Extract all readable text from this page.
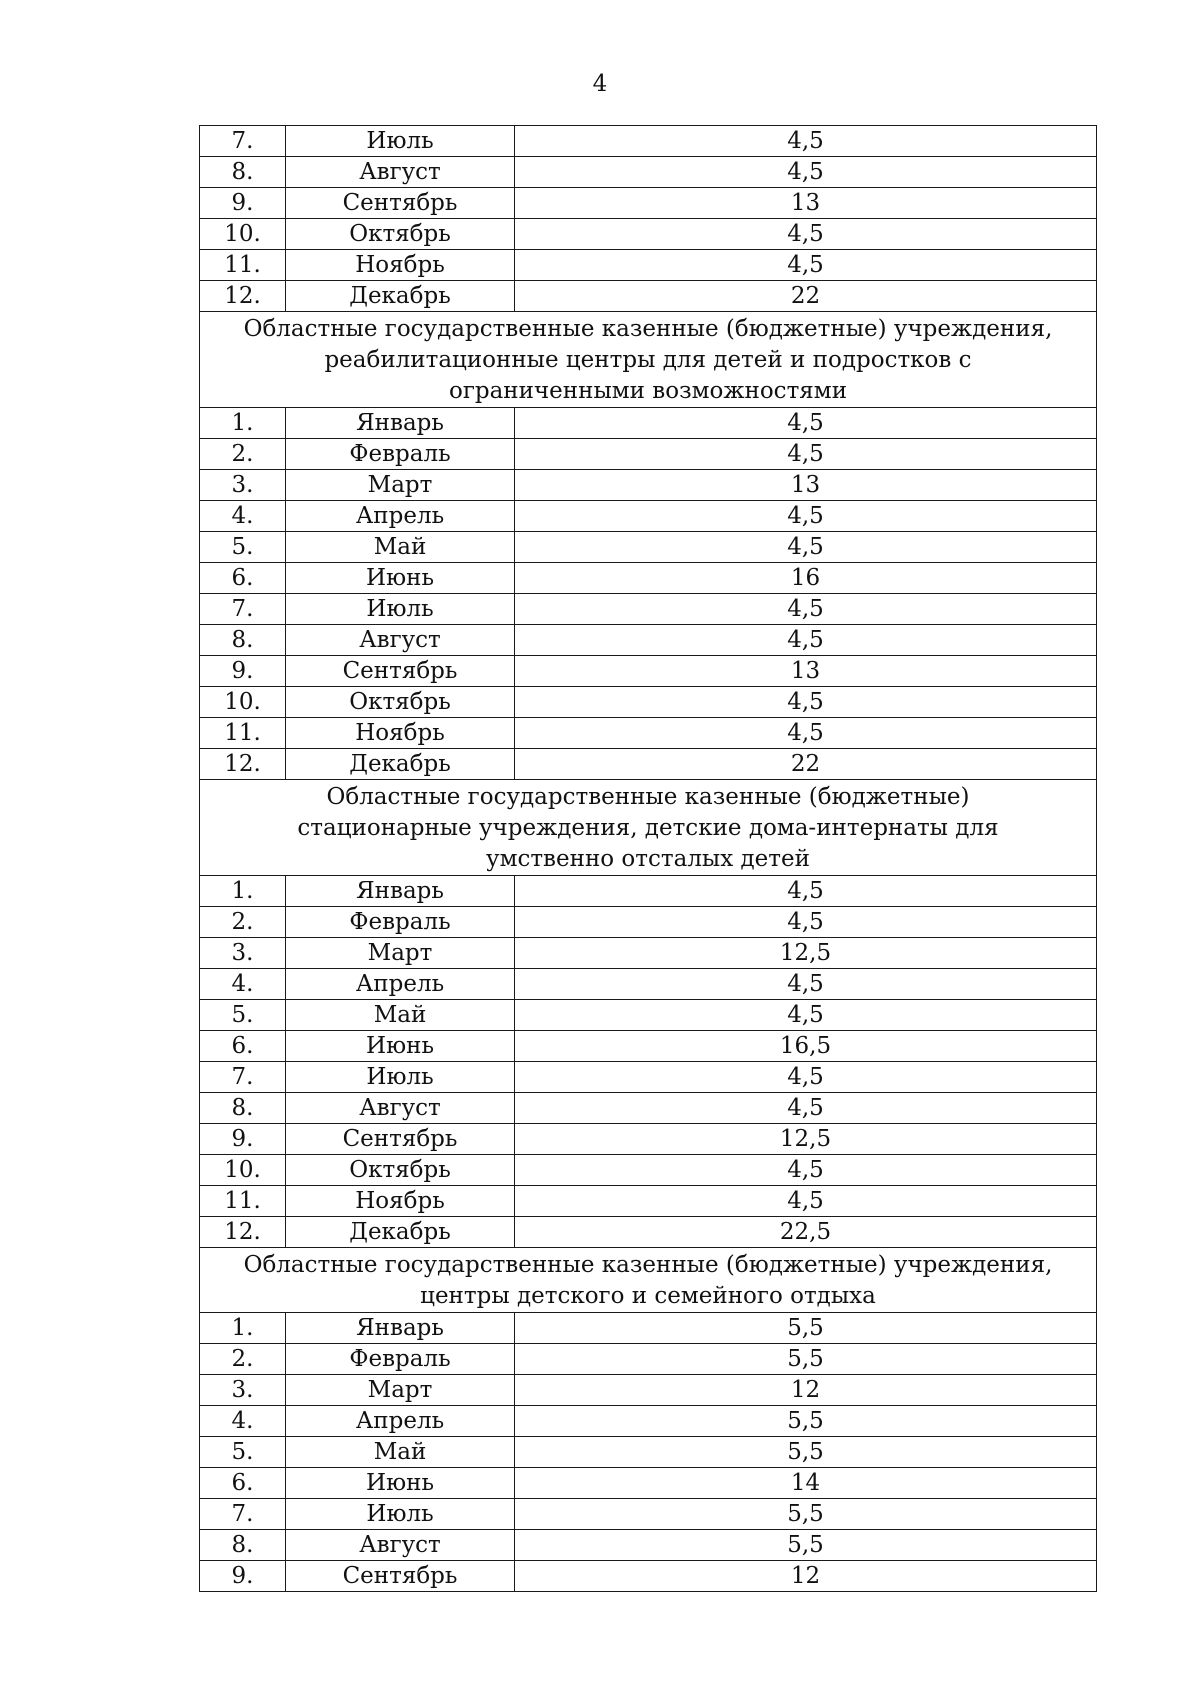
4
7.	Июль	4,5
8.	Август	4,5
9.	Сентябрь	13
10.	Октябрь	4,5
11.	Ноябрь	4,5
12.	Декабрь	22
Областные государственные казенные (бюджетные) учреждения, реабилитационные центры для детей и подростков с ограниченными возможностями		
1.	Январь	4,5
2.	Февраль	4,5
3.	Март	13
4.	Апрель	4,5
5.	Май	4,5
6.	Июнь	16
7.	Июль	4,5
8.	Август	4,5
9.	Сентябрь	13
10.	Октябрь	4,5
11.	Ноябрь	4,5
12.	Декабрь	22
Областные государственные казенные (бюджетные) стационарные учреждения, детские дома-интернаты для умственно отсталых детей		
1.	Январь	4,5
2.	Февраль	4,5
3.	Март	12,5
4.	Апрель	4,5
5.	Май	4,5
6.	Июнь	16,5
7.	Июль	4,5
8.	Август	4,5
9.	Сентябрь	12,5
10.	Октябрь	4,5
11.	Ноябрь	4,5
12.	Декабрь	22,5
Областные государственные казенные (бюджетные) учреждения, центры детского и семейного отдыха		
1.	Январь	5,5
2.	Февраль	5,5
3.	Март	12
4.	Апрель	5,5
5.	Май	5,5
6.	Июнь	14
7.	Июль	5,5
8.	Август	5,5
9.	Сентябрь	12
